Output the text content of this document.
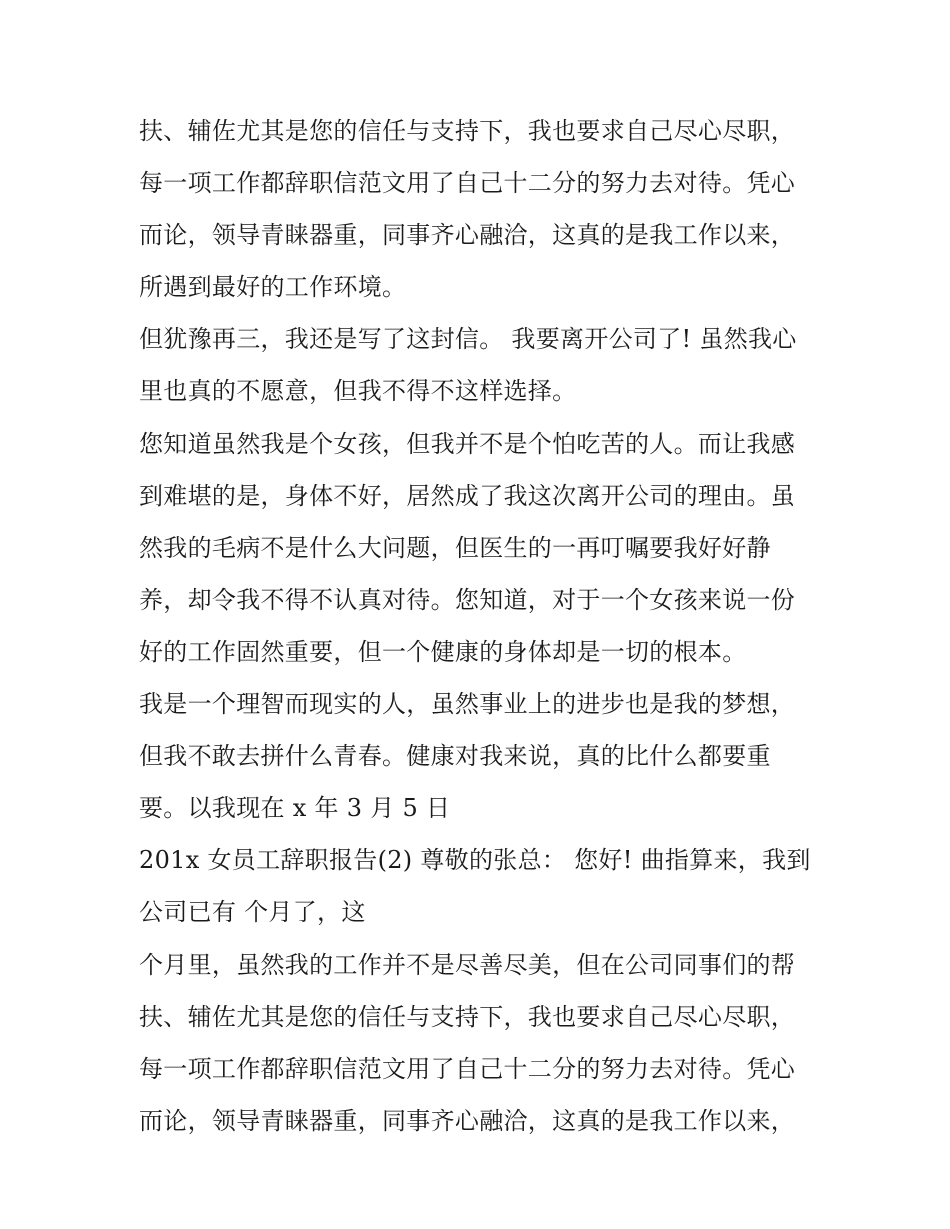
扶、辅佐尤其是您的信任与支持下，我也要求自己尽心尽职，
每一项工作都辞职信范文用了自己十二分的努力去对待。凭心
而论，领导青睐器重，同事齐心融洽，这真的是我工作以来，
所遇到最好的工作环境。
但犹豫再三，我还是写了这封信。 我要离开公司了! 虽然我心
里也真的不愿意，但我不得不这样选择。
您知道虽然我是个女孩，但我并不是个怕吃苦的人。而让我感
到难堪的是，身体不好，居然成了我这次离开公司的理由。虽
然我的毛病不是什么大问题，但医生的一再叮嘱要我好好静
养，却令我不得不认真对待。您知道，对于一个女孩来说一份
好的工作固然重要，但一个健康的身体却是一切的根本。
我是一个理智而现实的人，虽然事业上的进步也是我的梦想，
但我不敢去拼什么青春。健康对我来说，真的比什么都要重
要。以我现在 x 年 3 月 5 日
201x 女员工辞职报告(2) 尊敬的张总： 您好! 曲指算来，我到
公司已有 个月了，这
个月里，虽然我的工作并不是尽善尽美，但在公司同事们的帮
扶、辅佐尤其是您的信任与支持下，我也要求自己尽心尽职，
每一项工作都辞职信范文用了自己十二分的努力去对待。凭心
而论，领导青睐器重，同事齐心融洽，这真的是我工作以来，
